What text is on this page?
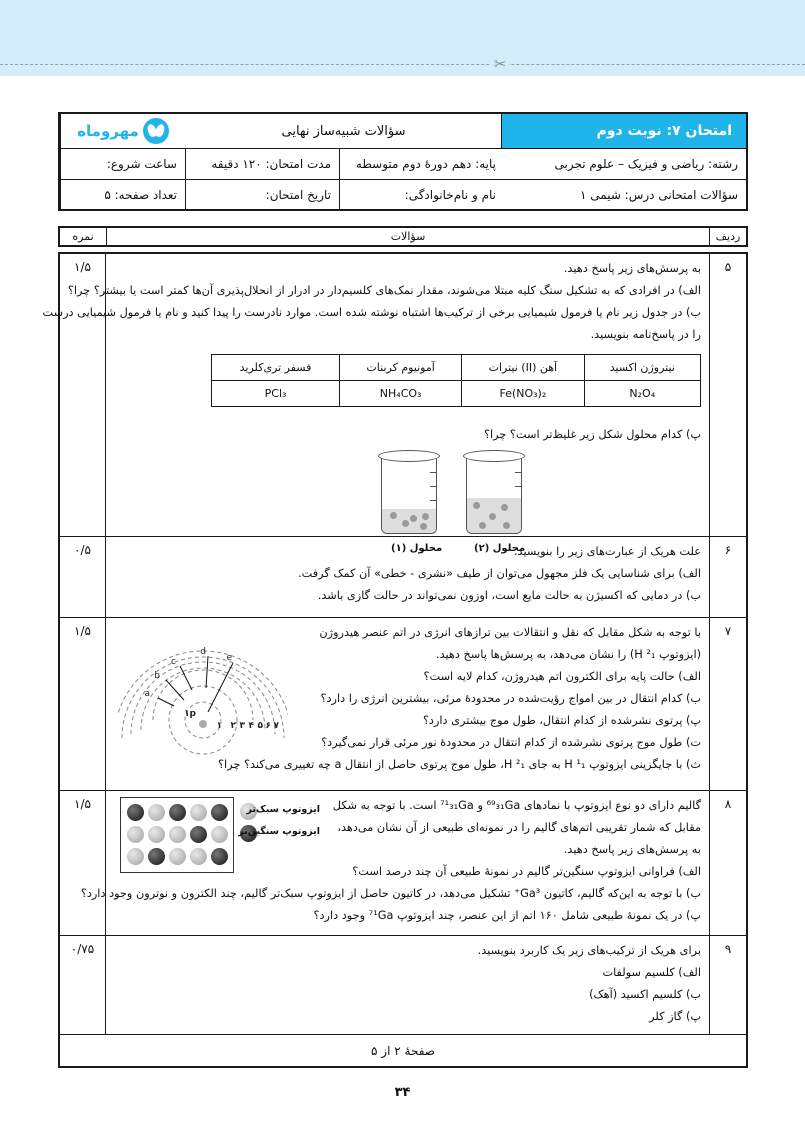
✂
امتحان ۷: نوبت دوم
سؤالات شبیه‌ساز نهایی
مهروماه
رشته: ریاضی و فیزیک – علوم تجربی
پایه: دهم دورهٔ دوم متوسطه
مدت امتحان: ۱۲۰ دقیقه
ساعت شروع:
سؤالات امتحانی درس: شیمی ۱
نام و نام‌خانوادگی:
تاریخ امتحان:
تعداد صفحه: ۵
ردیف
سؤالات
نمره
۵
۱/۵	به پرسش‌های زیر پاسخ دهید.
الف) در افرادی که به تشکیل سنگ کلیه مبتلا می‌شوند، مقدار نمک‌های کلسیم‌دار در ادرار از انحلال‌پذیری آن‌ها کمتر است یا بیشتر؟ چرا؟
ب) در جدول زیر نام یا فرمول شیمیایی برخی از ترکیب‌ها اشتباه نوشته شده است. موارد نادرست را پیدا کنید و نام یا فرمول شیمیایی درست
را در پاسخ‌نامه بنویسید.
نیتروژن اکسید	آهن (II) نیترات	آمونیوم کربنات	فسفر تری‌کلرید
N₂O₄	Fe(NO₃)₂	NH₄CO₃	PCl₃
پ) کدام محلول شکل زیر غلیظ‌تر است؟ چرا؟
محلول (۱)	محلول (۲)	۶
۰/۵	علت هریک از عبارت‌های زیر را بنویسید.
الف) برای شناسایی یک فلز مجهول می‌توان از طیف «نشری - خطی» آن کمک گرفت.
ب) در دمایی که اکسیژن به حالت مایع است، اوزون نمی‌تواند در حالت گازی باشد.
۷
۱/۵	با توجه به شکل مقابل که نقل و انتقالات بین ترازهای انرژی در اتم عنصر هیدروژن
(ایزوتوپ H ²₁) را نشان می‌دهد، به پرسش‌ها پاسخ دهید.
الف) حالت پایه برای الکترون اتم هیدروژن، کدام لایه است؟
ب) کدام انتقال در بین امواج رؤیت‌شده در محدودهٔ مرئی، بیشترین انرژی را دارد؟
پ) پرتوی نشرشده از کدام انتقال، طول موج بیشتری دارد؟
ت) طول موج پرتوی نشرشده از کدام انتقال در محدودهٔ نور مرئی قرار نمی‌گیرد؟
ث) با جایگزینی ایزوتوپ H ¹₁ به جای H ²₁، طول موج پرتوی حاصل از انتقال a چه تغییری می‌کند؟ چرا؟
a
b
c
d
e
۱p
۱ ۲ ۳ ۴ ۵ ۶ ۷
۸
۱/۵	گالیم دارای دو نوع ایزوتوپ با نمادهای ⁶⁹₃₁Ga و ⁷¹₃₁Ga است. با توجه به شکل
مقابل که شمار تقریبی اتم‌های گالیم را در نمونه‌ای طبیعی از آن نشان می‌دهد،
به پرسش‌های زیر پاسخ دهید.
الف) فراوانی ایزوتوپ سنگین‌تر گالیم در نمونهٔ طبیعی آن چند درصد است؟
ب) با توجه به این‌که گالیم، کاتیون Ga³⁺ تشکیل می‌دهد، در کاتیون حاصل از ایزوتوپ سبک‌تر گالیم، چند الکترون و نوترون وجود دارد؟
پ) در یک نمونهٔ طبیعی شامل ۱۶۰ اتم از این عنصر، چند ایزوتوپ ⁷¹Ga وجود دارد؟
ایزوتوپ سبک‌تر
ایزوتوپ سنگین‌تر
۹
۰/۷۵	برای هریک از ترکیب‌های زیر یک کاربرد بنویسید.
الف) کلسیم سولفات
ب) کلسیم اکسید (آهک)
پ) گاز کلر
صفحهٔ ۲ از ۵
۳۴
